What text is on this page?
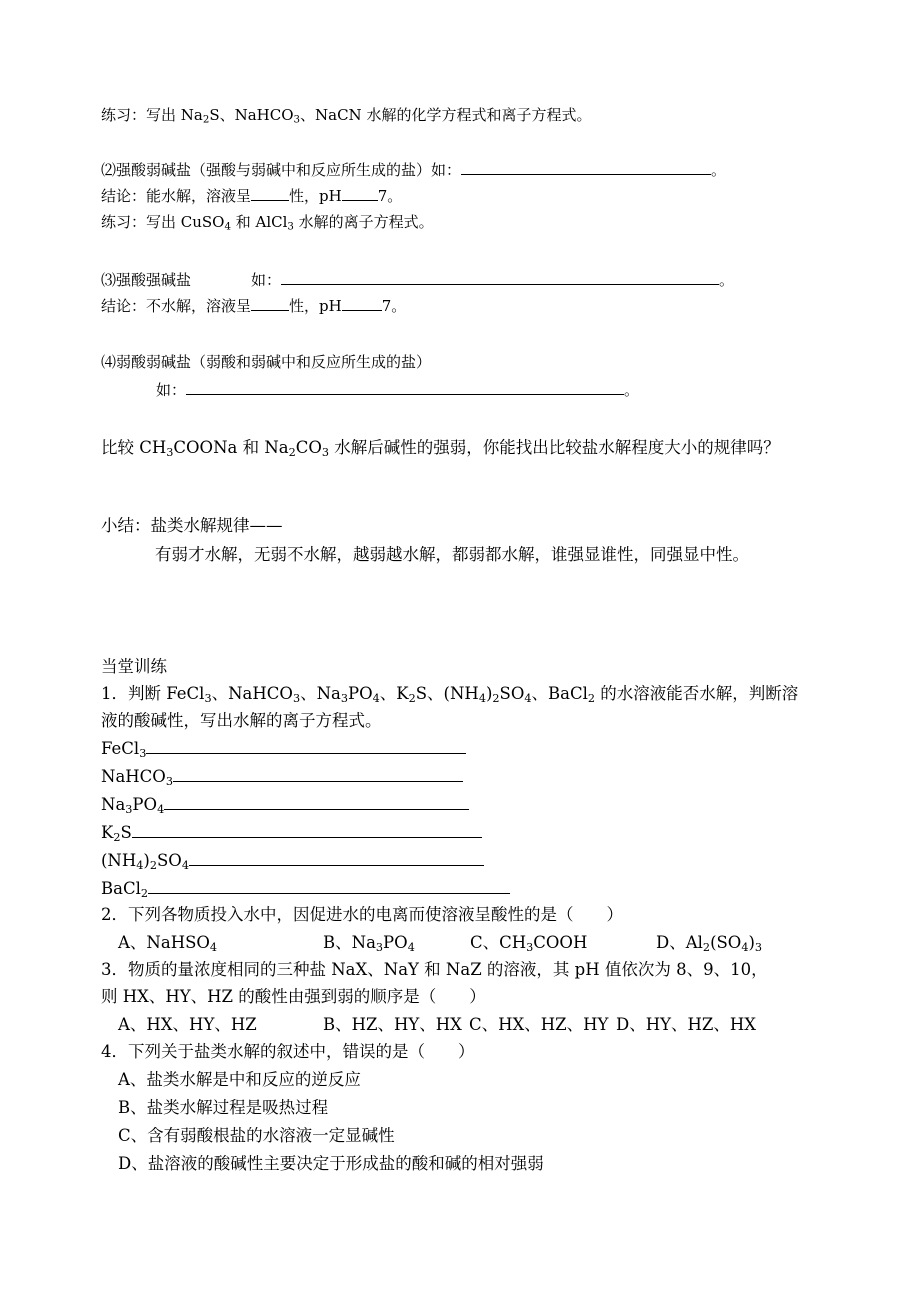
练习：写出 $Na_2S$、NaHCO$_3$、NaCN 水解的化学方程式和离子方程式。
⑵强酸弱碱盐（强酸与弱碱中和反应所生成的盐）如：	。
结论：能水解，溶液呈	性，pH 7。
练习：写出 CuSO$_4$ 和 AlCl$_3$ 水解的离子方程式。
⑶强酸强碱盐	如：	。
结论：不水解，溶液呈	性，pH	7。
⑷弱酸弱碱盐（弱酸和弱碱中和反应所生成的盐）
如：	。
比较 $CH_3COONa$ 和 $Na_2CO_3$ 水解后碱性的强弱，你能找出比较盐水解程度大小的规律吗？
小结：盐类水解规律——
有弱才水解，无弱不水解，越弱越水解，都弱都水解，谁强显谁性，同强显中性。
当堂训练
1．判断 FeCl$_3$、NaHCO$_3$、$Na_3PO_4$、$K_2S$、$(NH_4)_2SO_4$、BaCl$_2$ 的水溶液能否水解，判断溶
液的酸碱性，写出水解的离子方程式。
FeCl$_3$
NaHCO$_3$
$Na_3PO_4$
$K_2S$
$(NH_4)_2SO_4$
BaCl$_2$
2．下列各物质投入水中，因促进水的电离而使溶液呈酸性的是（　　）
A、NaHSO$_4$	B、$Na_3PO_4$	C、$CH_3COOH$	D、$Al_2(SO_4)_3$
3．物质的量浓度相同的三种盐 NaX、NaY 和 NaZ 的溶液，其 pH 值依次为 8、9、10，
则 HX、HY、HZ 的酸性由强到弱的顺序是（　　）
A、HX、HY、HZ	B、HZ、HY、HX C、HX、HZ、HY D、HY、HZ、HX
4．下列关于盐类水解的叙述中，错误的是（　　）
A、盐类水解是中和反应的逆反应
B、盐类水解过程是吸热过程
C、含有弱酸根盐的水溶液一定显碱性
D、盐溶液的酸碱性主要决定于形成盐的酸和碱的相对强弱
